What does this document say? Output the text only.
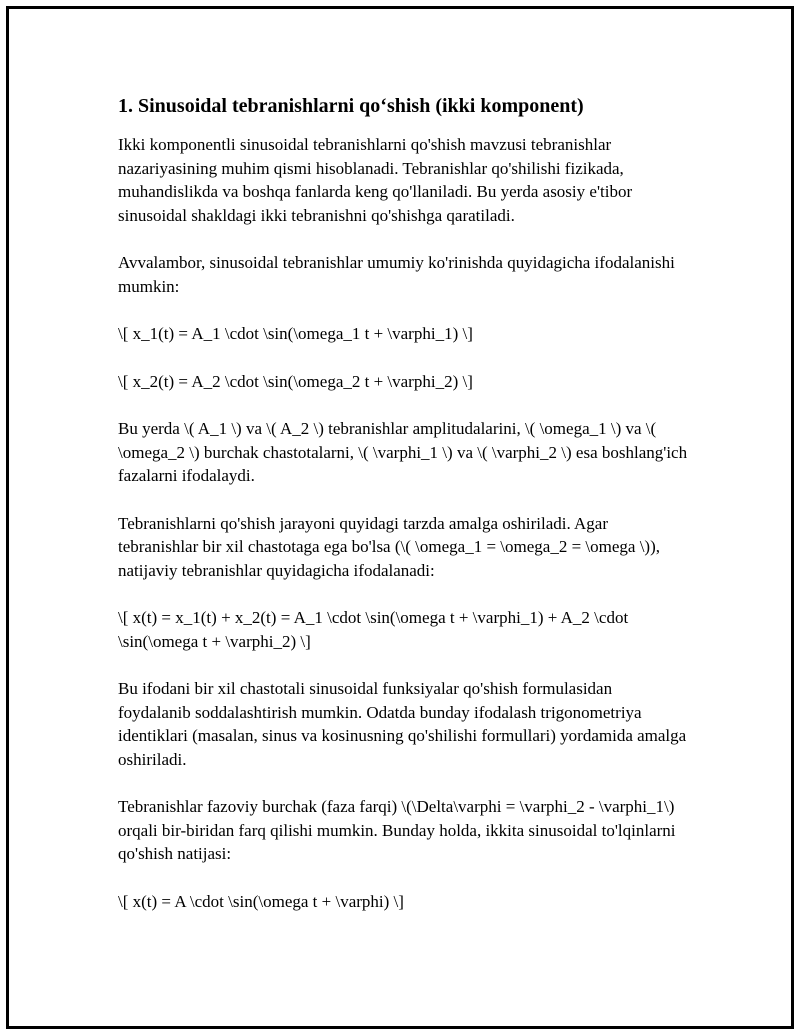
1. Sinusoidal tebranishlarni qo‘shish (ikki komponent)

Ikki komponentli sinusoidal tebranishlarni qo'shish mavzusi tebranishlar nazariyasining muhim qismi hisoblanadi. Tebranishlar qo'shilishi fizikada, muhandislikda va boshqa fanlarda keng qo'llaniladi. Bu yerda asosiy e'tibor sinusoidal shakldagi ikki tebranishni qo'shishga qaratiladi.

Avvalambor, sinusoidal tebranishlar umumiy ko'rinishda quyidagicha ifodalanishi mumkin:

\[ x_1(t) = A_1 \cdot \sin(\omega_1 t + \varphi_1) \]

\[ x_2(t) = A_2 \cdot \sin(\omega_2 t + \varphi_2) \]

Bu yerda \( A_1 \) va \( A_2 \) tebranishlar amplitudalarini, \( \omega_1 \) va \( \omega_2 \) burchak chastotalarni, \( \varphi_1 \) va \( \varphi_2 \) esa boshlang'ich fazalarni ifodalaydi.

Tebranishlarni qo'shish jarayoni quyidagi tarzda amalga oshiriladi. Agar tebranishlar bir xil chastotaga ega bo'lsa (\( \omega_1 = \omega_2 = \omega \)), natijaviy tebranishlar quyidagicha ifodalanadi:

\[ x(t) = x_1(t) + x_2(t) = A_1 \cdot \sin(\omega t + \varphi_1) + A_2 \cdot \sin(\omega t + \varphi_2) \]

Bu ifodani bir xil chastotali sinusoidal funksiyalar qo'shish formulasidan foydalanib soddalashtirish mumkin. Odatda bunday ifodalash trigonometriya identiklari (masalan, sinus va kosinusning qo'shilishi formullari) yordamida amalga oshiriladi.

Tebranishlar fazoviy burchak (faza farqi) \(\Delta\varphi = \varphi_2 - \varphi_1\) orqali bir-biridan farq qilishi mumkin. Bunday holda, ikkita sinusoidal to'lqinlarni qo'shish natijasi:

\[ x(t) = A \cdot \sin(\omega t + \varphi) \]
